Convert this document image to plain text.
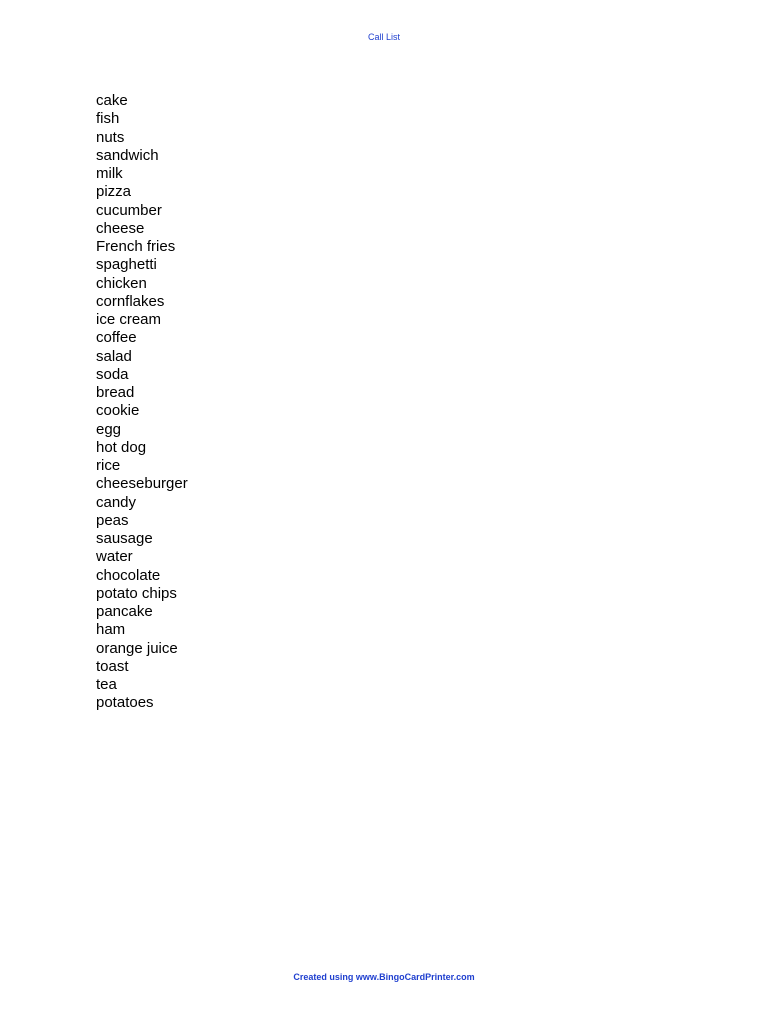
Call List
cake
fish
nuts
sandwich
milk
pizza
cucumber
cheese
French fries
spaghetti
chicken
cornflakes
ice cream
coffee
salad
soda
bread
cookie
egg
hot dog
rice
cheeseburger
candy
peas
sausage
water
chocolate
potato chips
pancake
ham
orange juice
toast
tea
potatoes
Created using www.BingoCardPrinter.com
